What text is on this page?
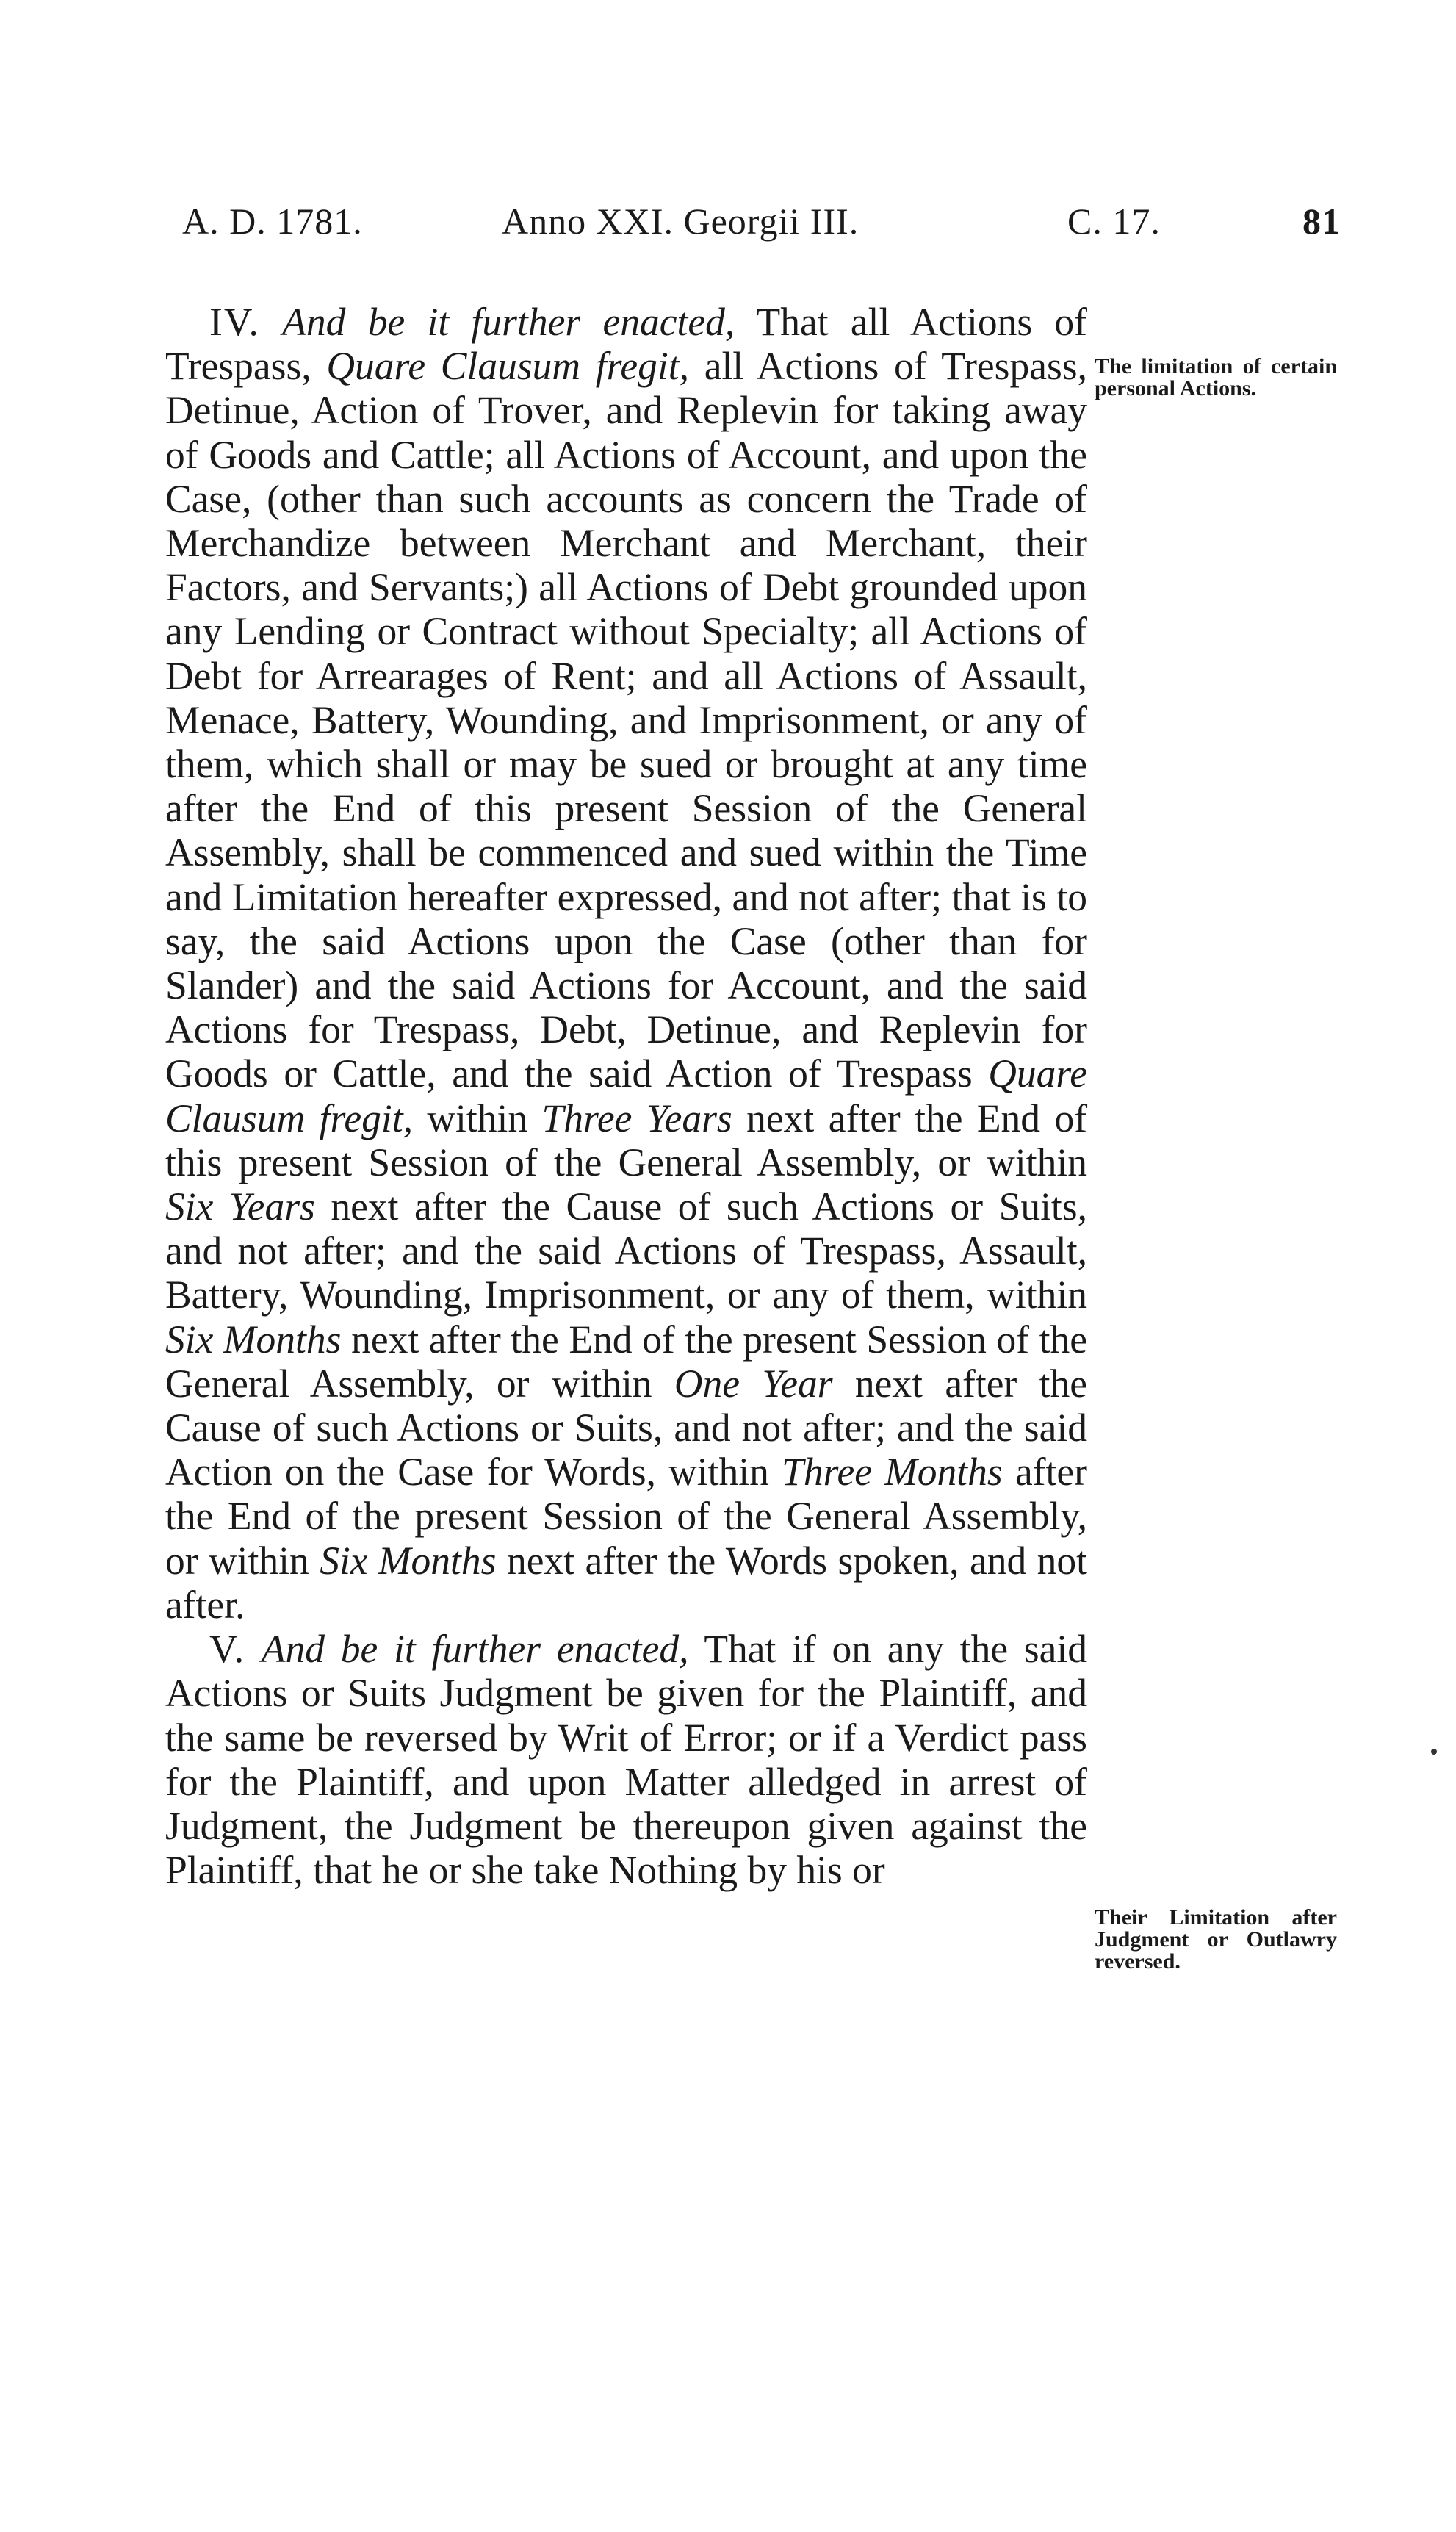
A. D. 1781.	Anno XXI. Georgii III.	C. 17.	81

IV. And be it further enacted, That all Actions of Trespass, Quare Clausum fregit, all Actions of Trespass, Detinue, Action of Trover, and Replevin for taking away of Goods and Cattle; all Actions of Account, and upon the Case, (other than such accounts as concern the Trade of Merchandize between Merchant and Merchant, their Factors, and Servants;) all Actions of Debt grounded upon any Lending or Contract without Specialty; all Actions of Debt for Arrearages of Rent; and all Actions of Assault, Menace, Battery, Wounding, and Imprisonment, or any of them, which shall or may be sued or brought at any time after the End of this present Session of the General Assembly, shall be commenced and sued within the Time and Limitation hereafter expressed, and not after; that is to say, the said Actions upon the Case (other than for Slander) and the said Actions for Account, and the said Actions for Trespass, Debt, Detinue, and Replevin for Goods or Cattle, and the said Action of Trespass Quare Clausum fregit, within Three Years next after the End of this present Session of the General Assembly, or within Six Years next after the Cause of such Actions or Suits, and not after; and the said Actions of Trespass, Assault, Battery, Wounding, Imprisonment, or any of them, within Six Months next after the End of the present Session of the General Assembly, or within One Year next after the Cause of such Actions or Suits, and not after; and the said Action on the Case for Words, within Three Months after the End of the present Session of the General Assembly, or within Six Months next after the Words spoken, and not after.

V. And be it further enacted, That if on any the said Actions or Suits Judgment be given for the Plaintiff, and the same be reversed by Writ of Error; or if a Verdict pass for the Plaintiff, and upon Matter alledged in arrest of Judgment, the Judgment be thereupon given against the Plaintiff, that he or she take Nothing by his or

The limitation of certain personal Actions.
Their Limitation after Judgment or Outlawry reversed.
